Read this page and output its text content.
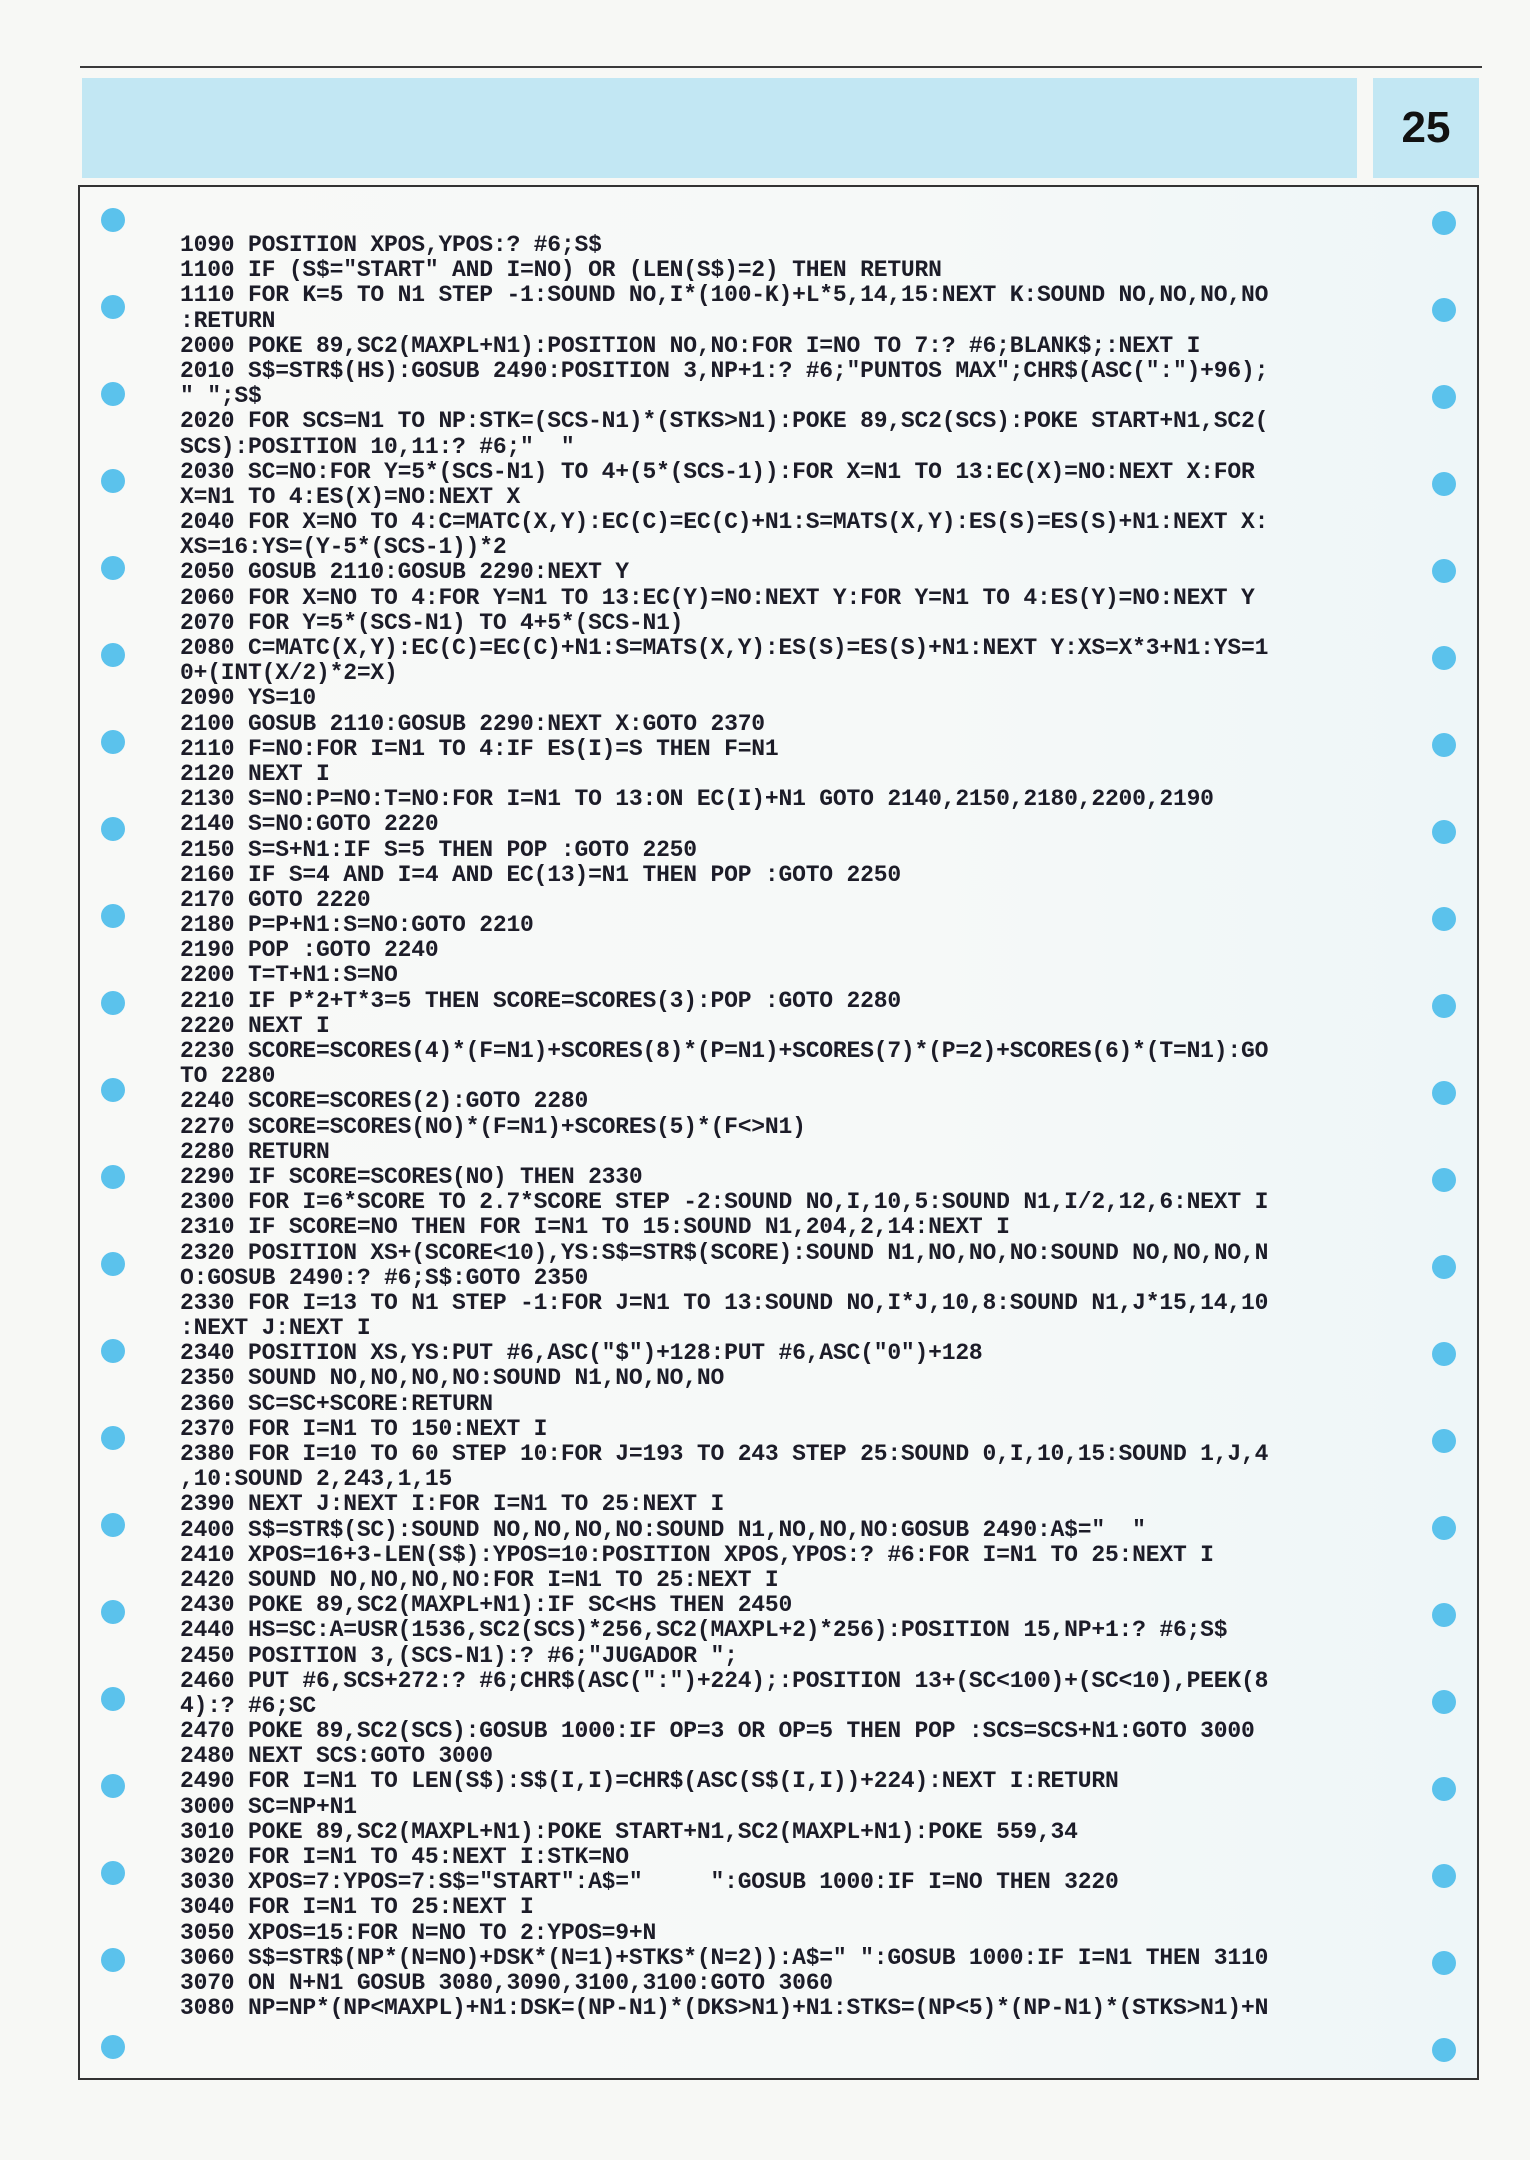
25
1090 POSITION XPOS,YPOS:? #6;S$
1100 IF (S$="START" AND I=NO) OR (LEN(S$)=2) THEN RETURN
1110 FOR K=5 TO N1 STEP -1:SOUND NO,I*(100-K)+L*5,14,15:NEXT K:SOUND NO,NO,NO,NO
:RETURN
2000 POKE 89,SC2(MAXPL+N1):POSITION NO,NO:FOR I=NO TO 7:? #6;BLANK$;:NEXT I
2010 S$=STR$(HS):GOSUB 2490:POSITION 3,NP+1:? #6;"PUNTOS MAX";CHR$(ASC(":")+96);
" ";S$
2020 FOR SCS=N1 TO NP:STK=(SCS-N1)*(STKS>N1):POKE 89,SC2(SCS):POKE START+N1,SC2(
SCS):POSITION 10,11:? #6;"  "
2030 SC=NO:FOR Y=5*(SCS-N1) TO 4+(5*(SCS-1)):FOR X=N1 TO 13:EC(X)=NO:NEXT X:FOR
X=N1 TO 4:ES(X)=NO:NEXT X
2040 FOR X=NO TO 4:C=MATC(X,Y):EC(C)=EC(C)+N1:S=MATS(X,Y):ES(S)=ES(S)+N1:NEXT X:
XS=16:YS=(Y-5*(SCS-1))*2
2050 GOSUB 2110:GOSUB 2290:NEXT Y
2060 FOR X=NO TO 4:FOR Y=N1 TO 13:EC(Y)=NO:NEXT Y:FOR Y=N1 TO 4:ES(Y)=NO:NEXT Y
2070 FOR Y=5*(SCS-N1) TO 4+5*(SCS-N1)
2080 C=MATC(X,Y):EC(C)=EC(C)+N1:S=MATS(X,Y):ES(S)=ES(S)+N1:NEXT Y:XS=X*3+N1:YS=1
0+(INT(X/2)*2=X)
2090 YS=10
2100 GOSUB 2110:GOSUB 2290:NEXT X:GOTO 2370
2110 F=NO:FOR I=N1 TO 4:IF ES(I)=S THEN F=N1
2120 NEXT I
2130 S=NO:P=NO:T=NO:FOR I=N1 TO 13:ON EC(I)+N1 GOTO 2140,2150,2180,2200,2190
2140 S=NO:GOTO 2220
2150 S=S+N1:IF S=5 THEN POP :GOTO 2250
2160 IF S=4 AND I=4 AND EC(13)=N1 THEN POP :GOTO 2250
2170 GOTO 2220
2180 P=P+N1:S=NO:GOTO 2210
2190 POP :GOTO 2240
2200 T=T+N1:S=NO
2210 IF P*2+T*3=5 THEN SCORE=SCORES(3):POP :GOTO 2280
2220 NEXT I
2230 SCORE=SCORES(4)*(F=N1)+SCORES(8)*(P=N1)+SCORES(7)*(P=2)+SCORES(6)*(T=N1):GO
TO 2280
2240 SCORE=SCORES(2):GOTO 2280
2270 SCORE=SCORES(NO)*(F=N1)+SCORES(5)*(F<>N1)
2280 RETURN
2290 IF SCORE=SCORES(NO) THEN 2330
2300 FOR I=6*SCORE TO 2.7*SCORE STEP -2:SOUND NO,I,10,5:SOUND N1,I/2,12,6:NEXT I
2310 IF SCORE=NO THEN FOR I=N1 TO 15:SOUND N1,204,2,14:NEXT I
2320 POSITION XS+(SCORE<10),YS:S$=STR$(SCORE):SOUND N1,NO,NO,NO:SOUND NO,NO,NO,N
O:GOSUB 2490:? #6;S$:GOTO 2350
2330 FOR I=13 TO N1 STEP -1:FOR J=N1 TO 13:SOUND NO,I*J,10,8:SOUND N1,J*15,14,10
:NEXT J:NEXT I
2340 POSITION XS,YS:PUT #6,ASC("$")+128:PUT #6,ASC("0")+128
2350 SOUND NO,NO,NO,NO:SOUND N1,NO,NO,NO
2360 SC=SC+SCORE:RETURN
2370 FOR I=N1 TO 150:NEXT I
2380 FOR I=10 TO 60 STEP 10:FOR J=193 TO 243 STEP 25:SOUND 0,I,10,15:SOUND 1,J,4
,10:SOUND 2,243,1,15
2390 NEXT J:NEXT I:FOR I=N1 TO 25:NEXT I
2400 S$=STR$(SC):SOUND NO,NO,NO,NO:SOUND N1,NO,NO,NO:GOSUB 2490:A$="  "
2410 XPOS=16+3-LEN(S$):YPOS=10:POSITION XPOS,YPOS:? #6:FOR I=N1 TO 25:NEXT I
2420 SOUND NO,NO,NO,NO:FOR I=N1 TO 25:NEXT I
2430 POKE 89,SC2(MAXPL+N1):IF SC<HS THEN 2450
2440 HS=SC:A=USR(1536,SC2(SCS)*256,SC2(MAXPL+2)*256):POSITION 15,NP+1:? #6;S$
2450 POSITION 3,(SCS-N1):? #6;"JUGADOR ";
2460 PUT #6,SCS+272:? #6;CHR$(ASC(":")+224);:POSITION 13+(SC<100)+(SC<10),PEEK(8
4):? #6;SC
2470 POKE 89,SC2(SCS):GOSUB 1000:IF OP=3 OR OP=5 THEN POP :SCS=SCS+N1:GOTO 3000
2480 NEXT SCS:GOTO 3000
2490 FOR I=N1 TO LEN(S$):S$(I,I)=CHR$(ASC(S$(I,I))+224):NEXT I:RETURN
3000 SC=NP+N1
3010 POKE 89,SC2(MAXPL+N1):POKE START+N1,SC2(MAXPL+N1):POKE 559,34
3020 FOR I=N1 TO 45:NEXT I:STK=NO
3030 XPOS=7:YPOS=7:S$="START":A$="     ":GOSUB 1000:IF I=NO THEN 3220
3040 FOR I=N1 TO 25:NEXT I
3050 XPOS=15:FOR N=NO TO 2:YPOS=9+N
3060 S$=STR$(NP*(N=NO)+DSK*(N=1)+STKS*(N=2)):A$=" ":GOSUB 1000:IF I=N1 THEN 3110
3070 ON N+N1 GOSUB 3080,3090,3100,3100:GOTO 3060
3080 NP=NP*(NP<MAXPL)+N1:DSK=(NP-N1)*(DKS>N1)+N1:STKS=(NP<5)*(NP-N1)*(STKS>N1)+N
